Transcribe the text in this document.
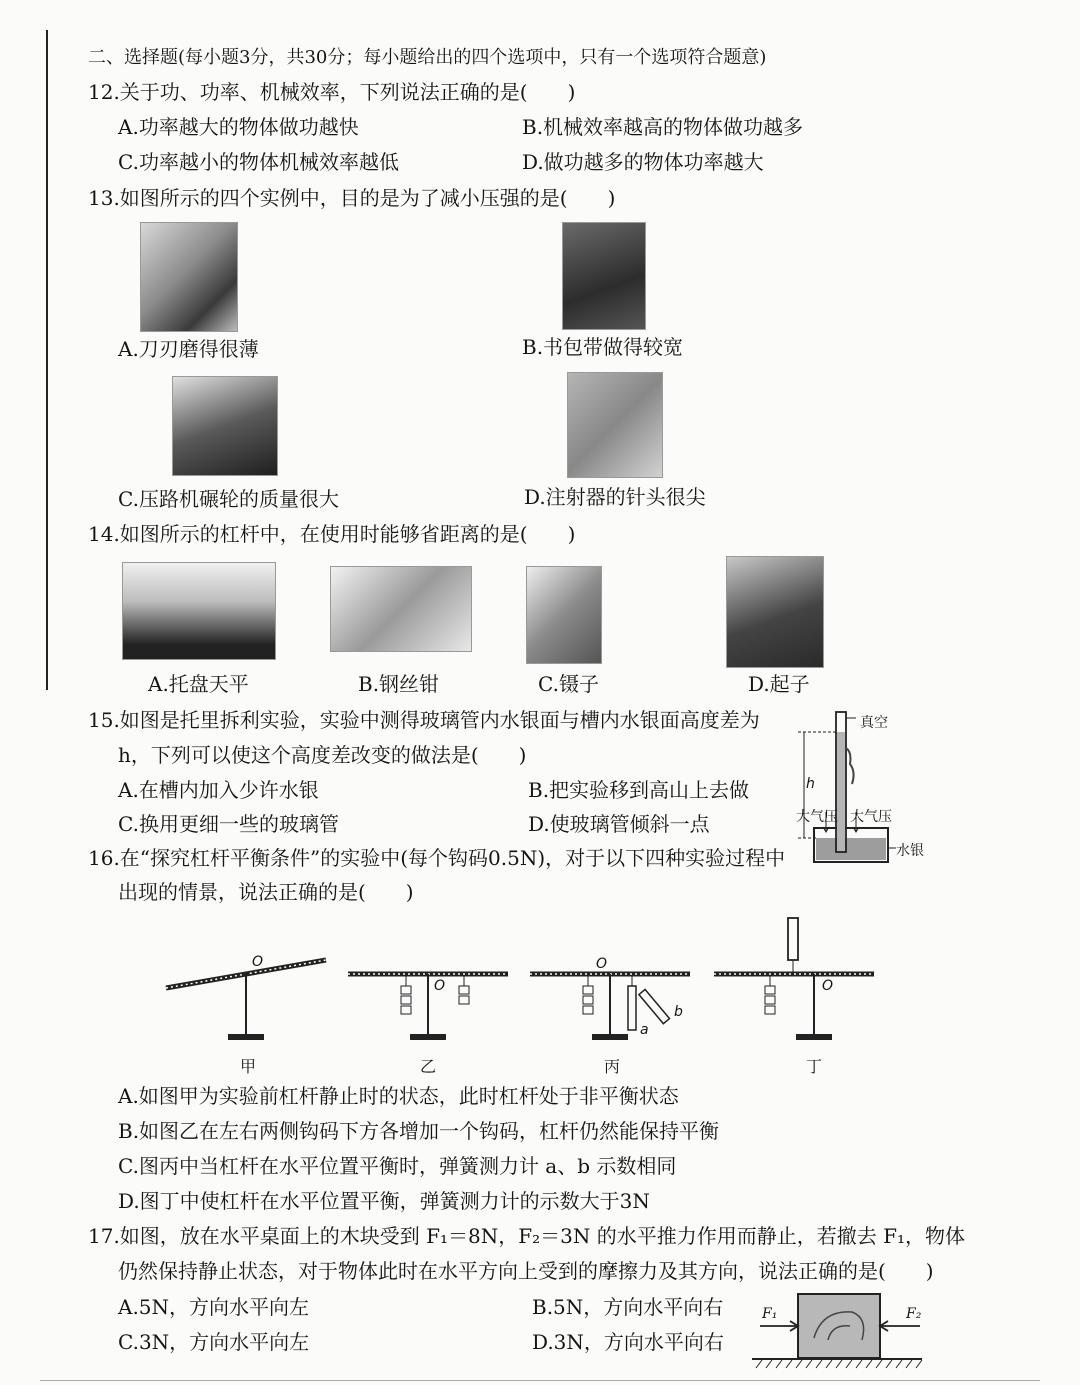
二、选择题(每小题3分，共30分；每小题给出的四个选项中，只有一个选项符合题意)
12.关于功、功率、机械效率，下列说法正确的是(　　)
A.功率越大的物体做功越快	B.机械效率越高的物体做功越多
C.功率越小的物体机械效率越低	D.做功越多的物体功率越大
13.如图所示的四个实例中，目的是为了减小压强的是(　　)
A.刀刃磨得很薄	B.书包带做得较宽
C.压路机碾轮的质量很大	D.注射器的针头很尖
14.如图所示的杠杆中，在使用时能够省距离的是(　　)
A.托盘天平	B.钢丝钳	C.镊子	D.起子
15.如图是托里拆利实验，实验中测得玻璃管内水银面与槽内水银面高度差为
h，下列可以使这个高度差改变的做法是(　　)
A.在槽内加入少许水银	B.把实验移到高山上去做
C.换用更细一些的玻璃管	D.使玻璃管倾斜一点
真空
h
大气压 大气压
水银
16.在“探究杠杆平衡条件”的实验中(每个钩码0.5N)，对于以下四种实验过程中
出现的情景，说法正确的是(　　)
O
O
O
O
a
b
甲	乙	丙	丁
A.如图甲为实验前杠杆静止时的状态，此时杠杆处于非平衡状态
B.如图乙在左右两侧钩码下方各增加一个钩码，杠杆仍然能保持平衡
C.图丙中当杠杆在水平位置平衡时，弹簧测力计 a、b 示数相同
D.图丁中使杠杆在水平位置平衡，弹簧测力计的示数大于3N
17.如图，放在水平桌面上的木块受到 F₁＝8N，F₂＝3N 的水平推力作用而静止，若撤去 F₁，物体
仍然保持静止状态，对于物体此时在水平方向上受到的摩擦力及其方向，说法正确的是(　　)
A.5N，方向水平向左	B.5N，方向水平向右
C.3N，方向水平向左	D.3N，方向水平向右
F₁	F₂
